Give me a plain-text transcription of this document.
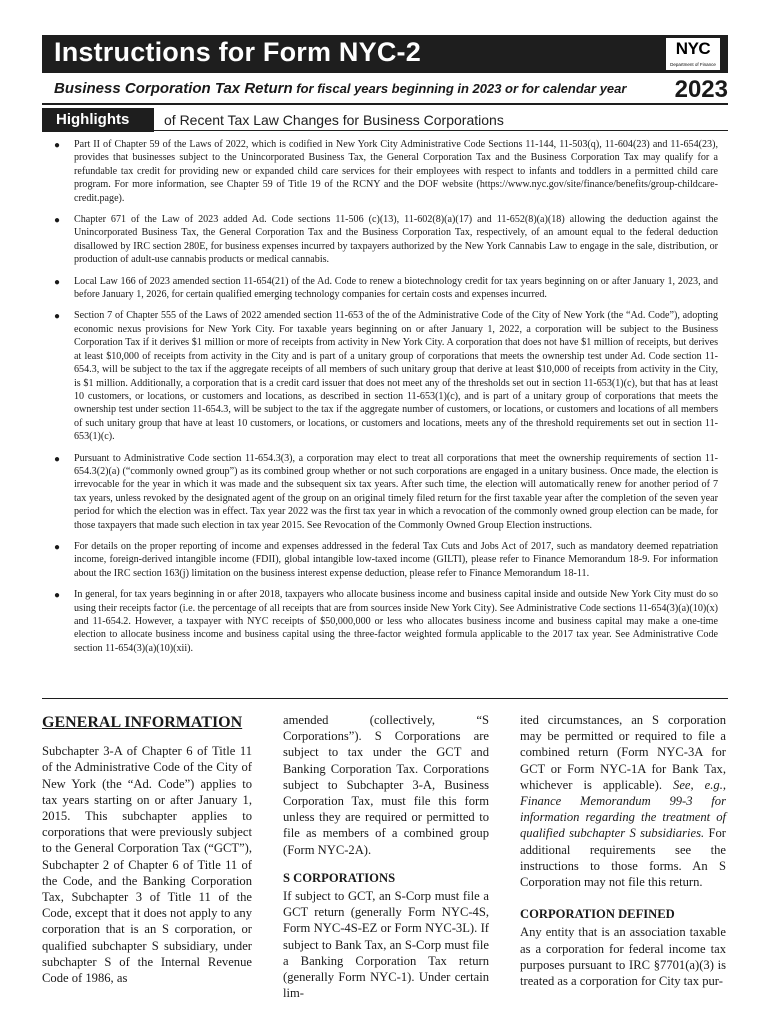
Instructions for Form NYC-2	NYC
Department of Finance
Business Corporation Tax Return for fiscal years beginning in 2023 or for calendar year 2023
Highlights	of Recent Tax Law Changes for Business Corporations
● Part II of Chapter 59 of the Laws of 2022, which is codified in New York City Administrative Code Sections 11-144, 11-503(q), 11-604(23) and 11-654(23), provides that businesses subject to the Unincorporated Business Tax, the General Corporation Tax and the Business Corporation Tax may qualify for a refundable tax credit for providing new or expanded child care services for their employees with respect to infants and toddlers in a permitted child care program. For more information, see Chapter 59 of Title 19 of the RCNY and the DOF website (https://www.nyc.gov/site/finance/benefits/group-childcare-credit.page).
● Chapter 671 of the Law of 2023 added Ad. Code sections 11-506 (c)(13), 11-602(8)(a)(17) and 11-652(8)(a)(18) allowing the deduction against the Unincorporated Business Tax, the General Corporation Tax and the Business Corporation Tax, respectively, of an amount equal to the federal deduction disallowed by IRC section 280E, for business expenses incurred by taxpayers authorized by the New York Cannabis Law to engage in the sale, distribution, or production of adult-use cannabis products or medical cannabis.
● Local Law 166 of 2023 amended section 11-654(21) of the Ad. Code to renew a biotechnology credit for tax years beginning on or after January 1, 2023, and before January 1, 2026, for certain qualified emerging technology companies for certain costs and expenses incurred.
● Section 7 of Chapter 555 of the Laws of 2022 amended section 11-653 of the of the Administrative Code of the City of New York (the “Ad. Code”), adopting economic nexus provisions for New York City. For taxable years beginning on or after January 1, 2022, a corporation will be subject to the Business Corporation Tax if it derives $1 million or more of receipts from activity in New York City. A corporation that does not have $1 million of receipts, but derives at least $10,000 of receipts from activity in the City and is part of a unitary group of corporations that meets the ownership test under Ad. Code section 11-654.3, will be subject to the tax if the aggregate receipts of all members of such unitary group that derive at least $10,000 of receipts from activity in the City, is $1 million. Additionally, a corporation that is a credit card issuer that does not meet any of the thresholds set out in section 11-653(1)(c), but that has at least 10 customers, or locations, or customers and locations, as described in section 11-653(1)(c), and is part of a unitary group of corporations that meets the ownership test under section 11-654.3, will be subject to the tax if the aggregate number of customers, or locations, or customers and locations of all members of such unitary group that have at least 10 customers, or locations, or customers and locations, meets any of the threshold requirements set out in section 11-653(1)(c).
● Pursuant to Administrative Code section 11-654.3(3), a corporation may elect to treat all corporations that meet the ownership requirements of section 11-654.3(2)(a) (“commonly owned group”) as its combined group whether or not such corporations are engaged in a unitary business. Once made, the election is irrevocable for the year in which it was made and the subsequent six tax years. After such time, the election will automatically renew for another period of 7 tax years, unless revoked by the designated agent of the group on an original timely filed return for the first taxable year after the completion of the seven year period for which the election was in effect. Tax year 2022 was the first tax year in which a revocation of the commonly owned group election can be made, for those taxpayers that made such election in tax year 2015. See Revocation of the Commonly Owned Group Election instructions.
● For details on the proper reporting of income and expenses addressed in the federal Tax Cuts and Jobs Act of 2017, such as mandatory deemed repatriation income, foreign-derived intangible income (FDII), global intangible low-taxed income (GILTI), please refer to Finance Memorandum 18-9. For information about the IRC section 163(j) limitation on the business interest expense deduction, please refer to Finance Memorandum 18-11.
● In general, for tax years beginning in or after 2018, taxpayers who allocate business income and business capital inside and outside New York City must do so using their receipts factor (i.e. the percentage of all receipts that are from sources inside New York City). See Administrative Code sections 11-654(3)(a)(10)(x) and 11-654.2. However, a taxpayer with NYC receipts of $50,000,000 or less who allocates business income and business capital may make a one-time election to allocate business income and business capital using the three-factor weighted formula applicable to the 2017 tax year. See Administrative Code section 11-654(3)(a)(10)(xii).
GENERAL INFORMATION
Subchapter 3-A of Chapter 6 of Title 11 of the Administrative Code of the City of New York (the “Ad. Code”) applies to tax years starting on or after January 1, 2015. This subchapter applies to corporations that were previously subject to the General Corporation Tax (“GCT”), Subchapter 2 of Chapter 6 of Title 11 of the Code, and the Banking Corporation Tax, Subchapter 3 of Title 11 of the Code, except that it does not apply to any corporation that is an S corporation, or qualified subchapter S subsidiary, under subchapter S of the Internal Revenue Code of 1986, as
amended (collectively, “S Corporations”). S Corporations are subject to tax under the GCT and Banking Corporation Tax. Corporations subject to Subchapter 3-A, Business Corporation Tax, must file this form unless they are required or permitted to file as members of a combined group (Form NYC-2A).
S CORPORATIONS
If subject to GCT, an S-Corp must file a GCT return (generally Form NYC-4S, Form NYC-4S-EZ or Form NYC-3L). If subject to Bank Tax, an S-Corp must file a Banking Corporation Tax return (generally Form NYC-1). Under certain lim-
ited circumstances, an S corporation may be permitted or required to file a combined return (Form NYC-3A for GCT or Form NYC-1A for Bank Tax, whichever is applicable). See, e.g., Finance Memorandum 99-3 for information regarding the treatment of qualified subchapter S subsidiaries. For additional requirements see the instructions to those forms. An S Corporation may not file this return.
CORPORATION DEFINED
Any entity that is an association taxable as a corporation for federal income tax purposes pursuant to IRC §7701(a)(3) is treated as a corporation for City tax pur-
